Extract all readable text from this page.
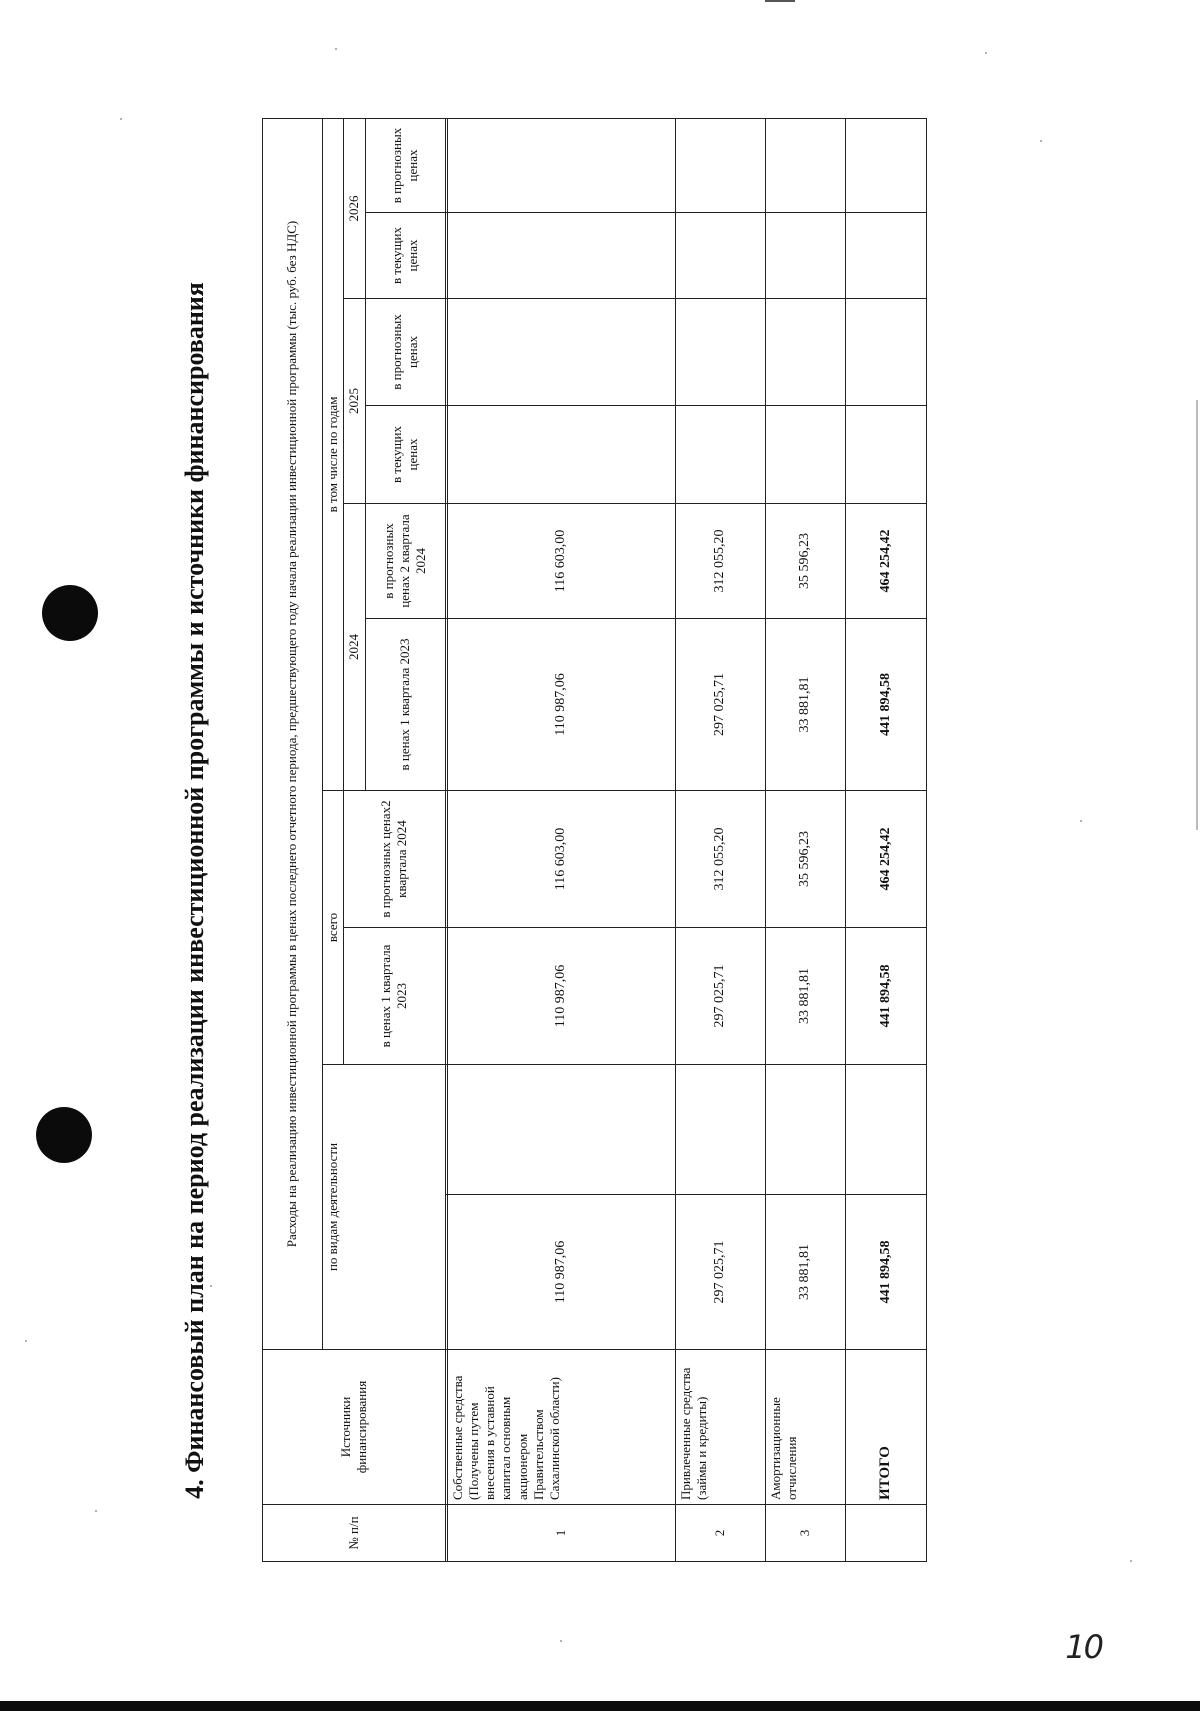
4. Финансовый план на период реализации инвестиционной программы и источники финансирования
№ п/п	Источники финансирования	Расходы на реализацию инвестиционной программы в ценах последнего отчетного периода, предшествующего году начала реализации инвестиционной программы (тыс. руб. без НДС)									
		по видам деятельности		всего		в том числе по годам					
				в ценах 1 квартала 2023	в прогнозных ценах2 квартала 2024	2024		2025		2026	
						в ценах 1 квартала 2023	в прогнозных ценах 2 квартала 2024	в текущих ценах	в прогнозных ценах	в текущих ценах	в прогнозных ценах

1	Собственные средства (Получены путем внесения в уставной капитал основным акционером Правительством Сахалинской области)	110 987,06		110 987,06	116 603,00	110 987,06	116 603,00				
2	Привлеченные средства (займы и кредиты)	297 025,71		297 025,71	312 055,20	297 025,71	312 055,20				
3	Амортизационные отчисления	33 881,81		33 881,81	35 596,23	33 881,81	35 596,23				
	ИТОГО	441 894,58		441 894,58	464 254,42	441 894,58	464 254,42				
10
